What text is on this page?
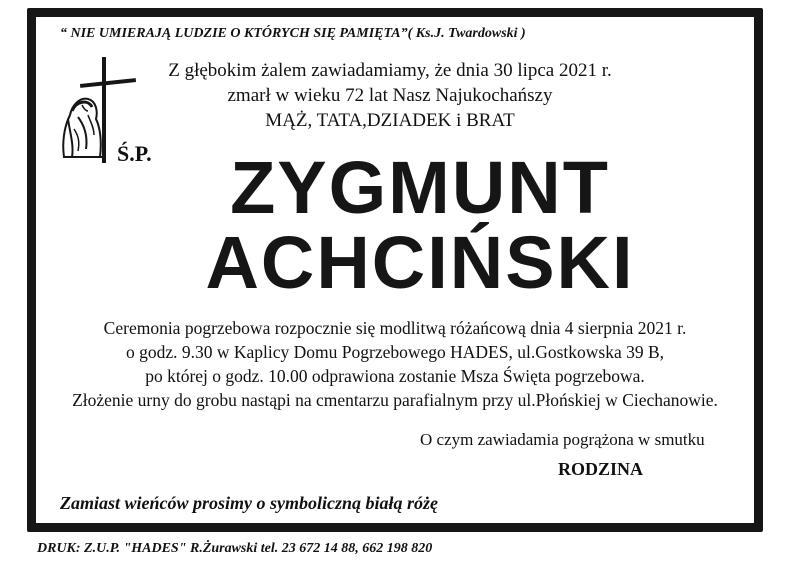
“ NIE UMIERAJĄ LUDZIE O KTÓRYCH SIĘ PAMIĘTA”( Ks.J. Twardowski )
Ś.P.
Z głębokim żalem zawiadamiamy, że dnia 30 lipca 2021 r.
zmarł w wieku 72 lat Nasz Najukochańszy
MĄŻ, TATA,DZIADEK i BRAT
ZYGMUNT
ACHCIŃSKI
Ceremonia pogrzebowa rozpocznie się modlitwą różańcową dnia 4 sierpnia 2021 r.
o godz. 9.30 w Kaplicy Domu Pogrzebowego HADES, ul.Gostkowska 39 B,
po której o godz. 10.00 odprawiona zostanie Msza Święta pogrzebowa.
Złożenie urny do grobu nastąpi na cmentarzu parafialnym przy ul.Płońskiej w Ciechanowie.
O czym zawiadamia pogrążona w smutku
RODZINA
Zamiast wieńców prosimy o symboliczną białą różę
DRUK: Z.U.P. "HADES" R.Żurawski tel. 23 672 14 88, 662 198 820
